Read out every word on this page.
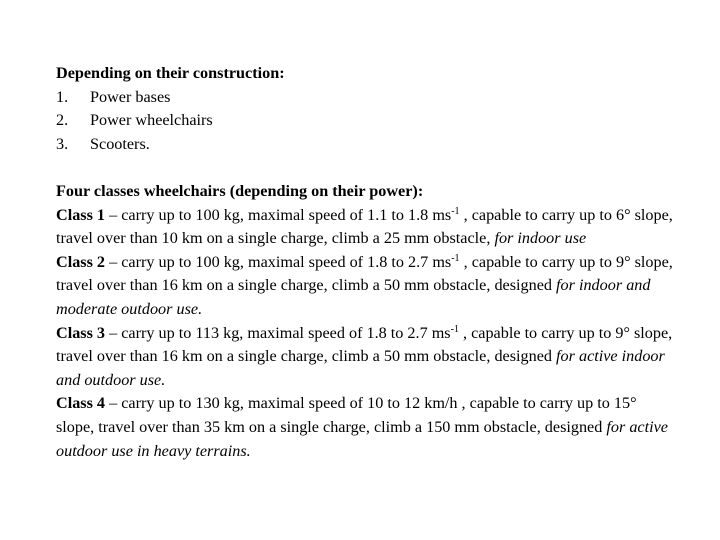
Depending on their construction:
1.	Power bases
2.	Power wheelchairs
3.	Scooters.
Four classes wheelchairs (depending on their power):

Class 1 – carry up to 100 kg, maximal speed of 1.1 to 1.8 $ms^{-1}$ , capable to carry up to 6° slope, travel over than 10 km on a single charge, climb a 25 mm obstacle, for indoor use

Class 2 – carry up to 100 kg, maximal speed of 1.8 to 2.7 $ms^{-1}$ , capable to carry up to 9° slope, travel over than 16 km on a single charge, climb a 50 mm obstacle, designed for indoor and moderate outdoor use.

Class 3 – carry up to 113 kg, maximal speed of 1.8 to 2.7 $ms^{-1}$ , capable to carry up to 9° slope, travel over than 16 km on a single charge, climb a 50 mm obstacle, designed for active indoor and outdoor use.

Class 4 – carry up to 130 kg, maximal speed of 10 to 12 km/h , capable to carry up to 15° slope, travel over than 35 km on a single charge, climb a 150 mm obstacle, designed for active outdoor use in heavy terrains.
